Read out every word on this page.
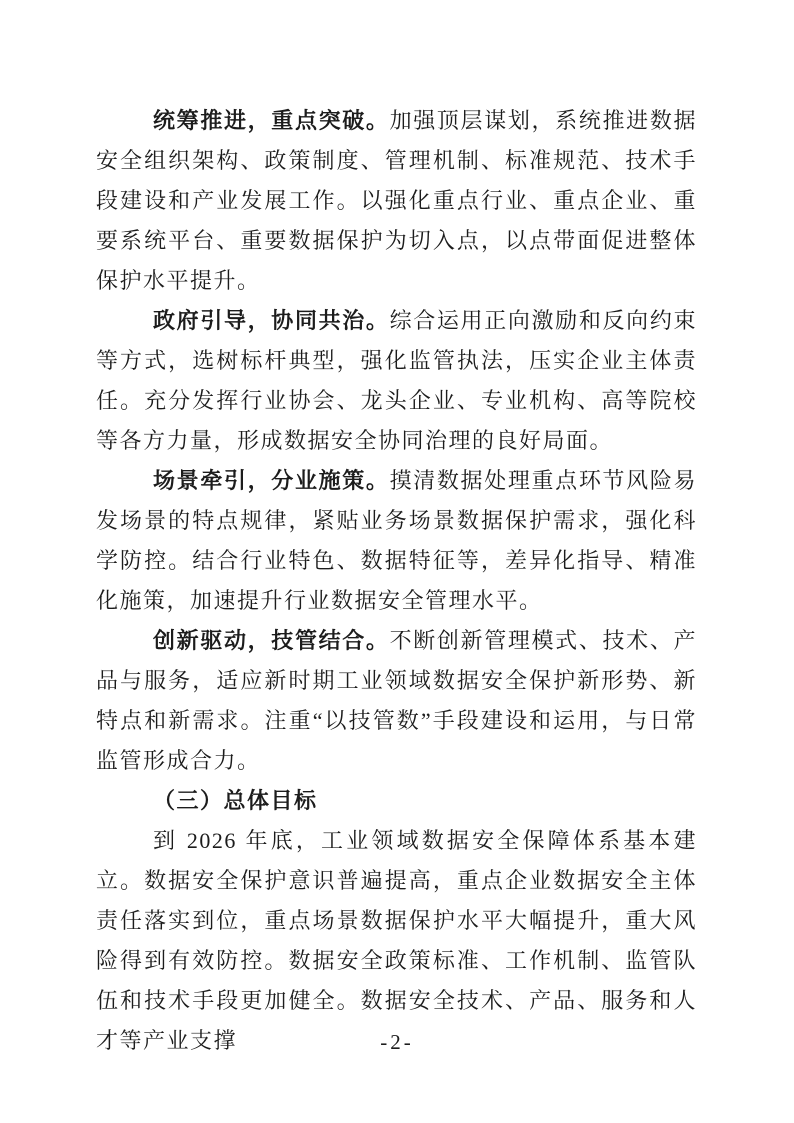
统筹推进，重点突破。加强顶层谋划，系统推进数据安全组织架构、政策制度、管理机制、标准规范、技术手段建设和产业发展工作。以强化重点行业、重点企业、重要系统平台、重要数据保护为切入点，以点带面促进整体保护水平提升。

政府引导，协同共治。综合运用正向激励和反向约束等方式，选树标杆典型，强化监管执法，压实企业主体责任。充分发挥行业协会、龙头企业、专业机构、高等院校等各方力量，形成数据安全协同治理的良好局面。

场景牵引，分业施策。摸清数据处理重点环节风险易发场景的特点规律，紧贴业务场景数据保护需求，强化科学防控。结合行业特色、数据特征等，差异化指导、精准化施策，加速提升行业数据安全管理水平。

创新驱动，技管结合。不断创新管理模式、技术、产品与服务，适应新时期工业领域数据安全保护新形势、新特点和新需求。注重“以技管数”手段建设和运用，与日常监管形成合力。

（三）总体目标

到 2026 年底，工业领域数据安全保障体系基本建立。数据安全保护意识普遍提高，重点企业数据安全主体责任落实到位，重点场景数据保护水平大幅提升，重大风险得到有效防控。数据安全政策标准、工作机制、监管队伍和技术手段更加健全。数据安全技术、产品、服务和人才等产业支撑	-2-
